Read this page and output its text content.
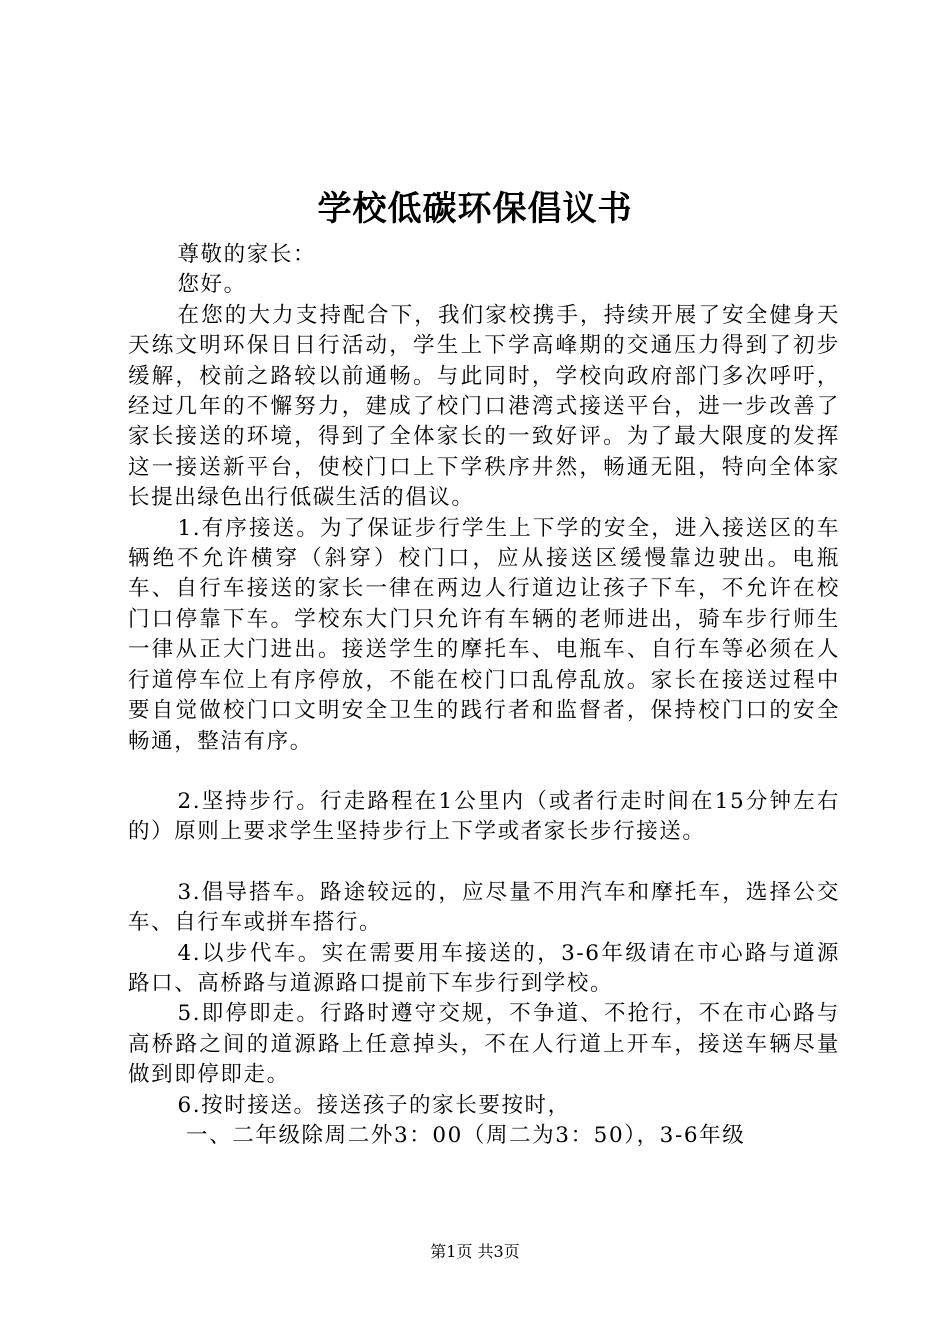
学校低碳环保倡议书

尊敬的家长：

您好。

在您的大力支持配合下，我们家校携手，持续开展了安全健身天天练文明环保日日行活动，学生上下学高峰期的交通压力得到了初步缓解，校前之路较以前通畅。与此同时，学校向政府部门多次呼吁，经过几年的不懈努力，建成了校门口港湾式接送平台，进一步改善了家长接送的环境，得到了全体家长的一致好评。为了最大限度的发挥这一接送新平台，使校门口上下学秩序井然，畅通无阻，特向全体家长提出绿色出行低碳生活的倡议。

1.有序接送。为了保证步行学生上下学的安全，进入接送区的车辆绝不允许横穿（斜穿）校门口，应从接送区缓慢靠边驶出。电瓶车、自行车接送的家长一律在两边人行道边让孩子下车，不允许在校门口停靠下车。学校东大门只允许有车辆的老师进出，骑车步行师生一律从正大门进出。接送学生的摩托车、电瓶车、自行车等必须在人行道停车位上有序停放，不能在校门口乱停乱放。家长在接送过程中要自觉做校门口文明安全卫生的践行者和监督者，保持校门口的安全畅通，整洁有序。

2.坚持步行。行走路程在1公里内（或者行走时间在15分钟左右的）原则上要求学生坚持步行上下学或者家长步行接送。

3.倡导搭车。路途较远的，应尽量不用汽车和摩托车，选择公交车、自行车或拼车搭行。

4.以步代车。实在需要用车接送的，3-6年级请在市心路与道源路口、高桥路与道源路口提前下车步行到学校。

5.即停即走。行路时遵守交规，不争道、不抢行，不在市心路与高桥路之间的道源路上任意掉头，不在人行道上开车，接送车辆尽量做到即停即走。

6.按时接送。接送孩子的家长要按时，

一、二年级除周二外3：00（周二为3：50），3-6年级

第1页 共3页
